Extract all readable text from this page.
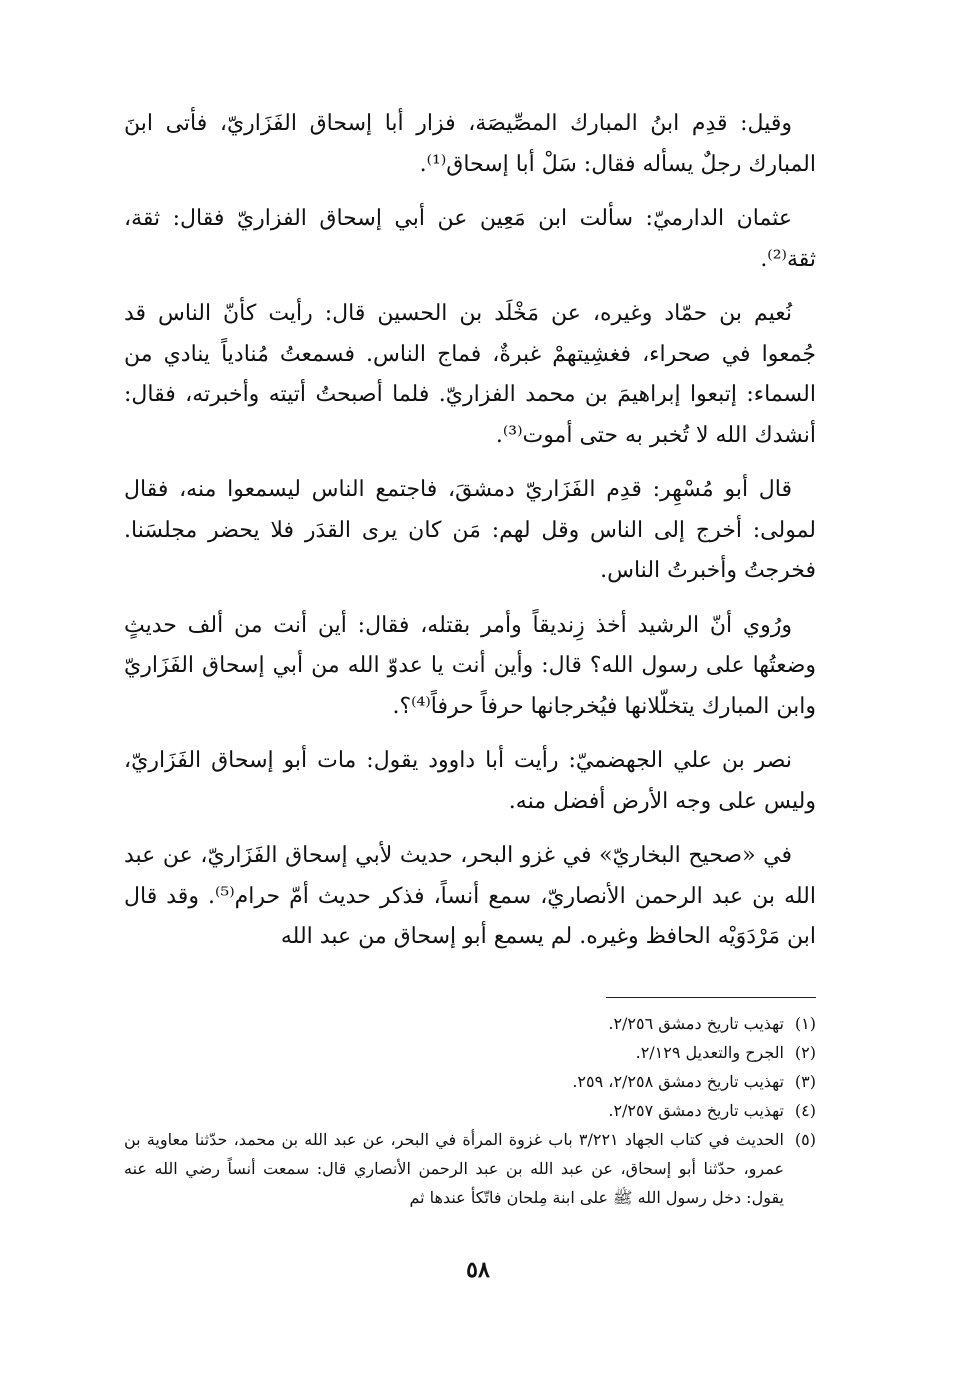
وقيل: قدِم ابنُ المبارك المصِّيصَة، فزار أبا إسحاق الفَزَاريّ، فأتى ابنَ المبارك رجلٌ يسأله فقال: سَلْ أبا إسحاق⁽¹⁾.

عثمان الدارميّ: سألت ابن مَعِين عن أبي إسحاق الفزاريّ فقال: ثقة، ثقة⁽²⁾.

نُعيم بن حمّاد وغيره، عن مَخْلَد بن الحسين قال: رأيت كأنّ الناس قد جُمعوا في صحراء، فغشِيتهمْ غبرةٌ، فماج الناس. فسمعتُ مُنادياً ينادي من السماء: إتبعوا إبراهيمَ بن محمد الفزاريّ. فلما أصبحتُ أتيته وأخبرته، فقال: أنشدك الله لا تُخبر به حتى أموت⁽³⁾.

قال أبو مُسْهِر: قدِم الفَزَاريّ دمشقَ، فاجتمع الناس ليسمعوا منه، فقال لمولى: أخرج إلى الناس وقل لهم: مَن كان يرى القدَر فلا يحضر مجلسَنا. فخرجتُ وأخبرتُ الناس.

ورُوي أنّ الرشيد أخذ زِنديقاً وأمر بقتله، فقال: أين أنت من ألف حديثٍ وضعتُها على رسول الله؟ قال: وأين أنت يا عدوّ الله من أبي إسحاق الفَزَاريّ وابن المبارك يتخلّلانها فيُخرجانها حرفاً حرفاً⁽⁴⁾؟.

نصر بن علي الجهضميّ: رأيت أبا داوود يقول: مات أبو إسحاق الفَزَاريّ، وليس على وجه الأرض أفضل منه.

في «صحيح البخاريّ» في غزو البحر، حديث لأبي إسحاق الفَزَاريّ، عن عبد الله بن عبد الرحمن الأنصاريّ، سمع أنساً، فذكر حديث أمّ حرام⁽⁵⁾. وقد قال ابن مَرْدَوَيْه الحافظ وغيره. لم يسمع أبو إسحاق من عبد الله

(١)
تهذيب تاريخ دمشق ٢/٢٥٦.
(٢)
الجرح والتعديل ٢/١٢٩.
(٣)
تهذيب تاريخ دمشق ٢/٢٥٨، ٢٥٩.
(٤)
تهذيب تاريخ دمشق ٢/٢٥٧.
(٥)
الحديث في كتاب الجهاد ٣/٢٢١ باب غزوة المرأة في البحر، عن عبد الله بن محمد، حدّثنا معاوية بن عمرو، حدّثنا أبو إسحاق، عن عبد الله بن عبد الرحمن الأنصاري قال: سمعت أنساً رضي الله عنه يقول: دخل رسول الله ﷺ على ابنة مِلحان فاتّكأ عندها ثم
٥٨
